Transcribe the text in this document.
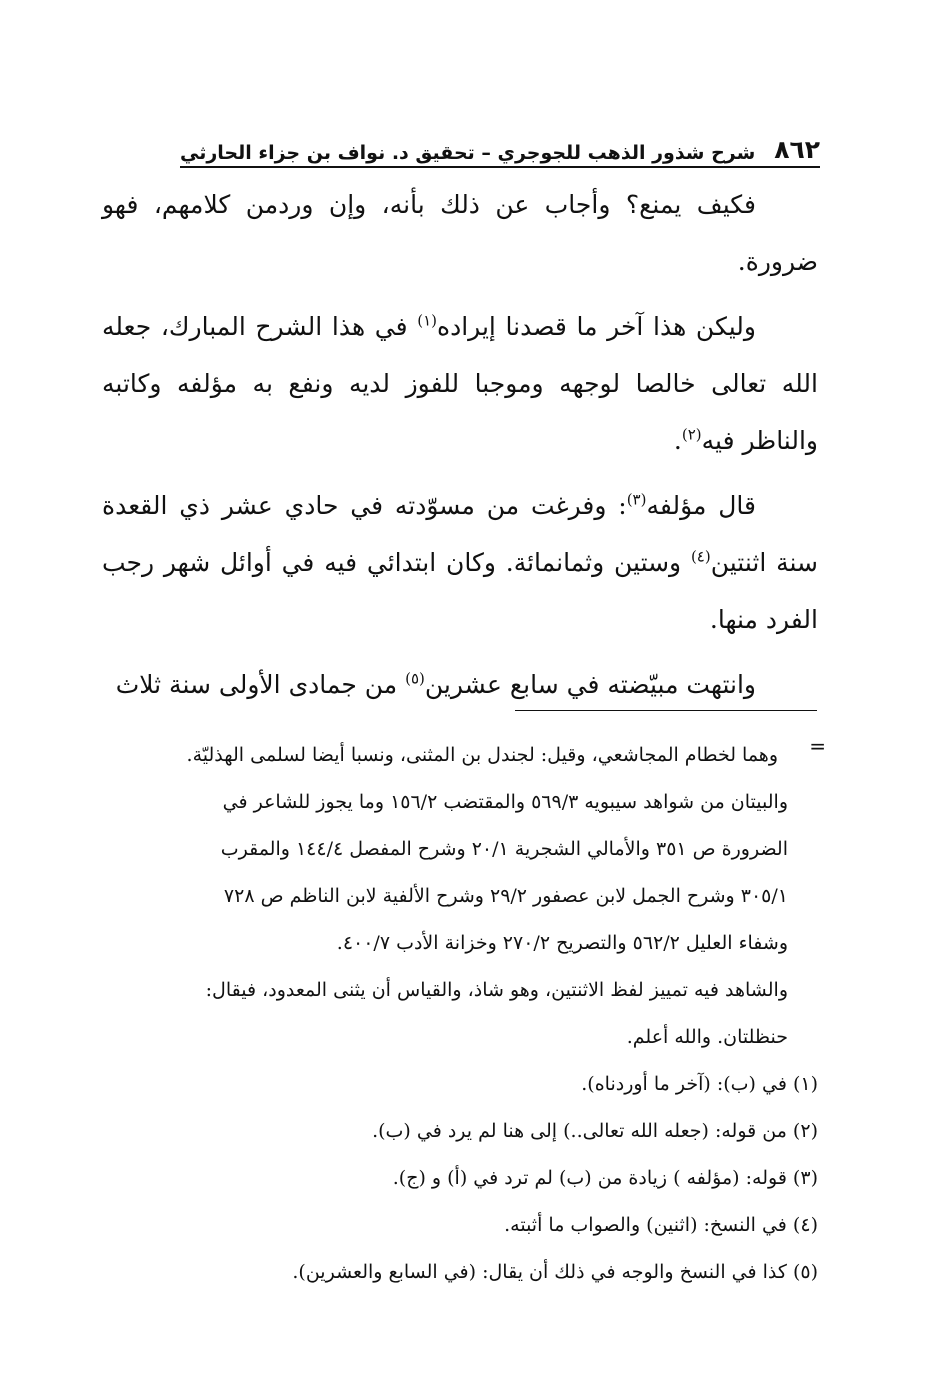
٨٦٢
شرح شذور الذهب للجوجري – تحقيق د. نواف بن جزاء الحارثي

فكيف يمنع؟ وأجاب عن ذلك بأنه، وإن وردمن كلامهم، فهو ضرورة.

وليكن هذا آخر ما قصدنا إيراده$^{(١)}$ في هذا الشرح المبارك، جعله الله تعالى خالصا لوجهه وموجبا للفوز لديه ونفع به مؤلفه وكاتبه والناظر فيه$^{(٢)}$.

قال مؤلفه$^{(٣)}$: وفرغت من مسوّدته في حادي عشر ذي القعدة سنة اثنتين$^{(٤)}$ وستين وثمانمائة. وكان ابتدائي فيه في أوائل شهر رجب الفرد منها.

وانتهت مبيّضته في سابع عشرين$^{(٥)}$ من جمادى الأولى سنة ثلاث

=

وهما لخطام المجاشعي، وقيل: لجندل بن المثنى، ونسبا أيضا لسلمى الهذليّة.

والبيتان من شواهد سيبويه ٥٦٩/٣ والمقتضب ١٥٦/٢ وما يجوز للشاعر في

الضرورة ص ٣٥١ والأمالي الشجرية ٢٠/١ وشرح المفصل ١٤٤/٤ والمقرب

٣٠٥/١ وشرح الجمل لابن عصفور ٢٩/٢ وشرح الألفية لابن الناظم ص ٧٢٨

وشفاء العليل ٥٦٢/٢ والتصريح ٢٧٠/٢ وخزانة الأدب ٤٠٠/٧.

والشاهد فيه تمييز لفظ الاثنتين، وهو شاذ، والقياس أن يثنى المعدود، فيقال:

حنظلتان. والله أعلم.

(١) في (ب): (آخر ما أوردناه).

(٢) من قوله: (جعله الله تعالى..) إلى هنا لم يرد في (ب).

(٣) قوله: (مؤلفه ) زيادة من (ب) لم ترد في (أ) و (ج).

(٤) في النسخ: (اثنين) والصواب ما أثبته.

(٥) كذا في النسخ والوجه في ذلك أن يقال: (في السابع والعشرين).
